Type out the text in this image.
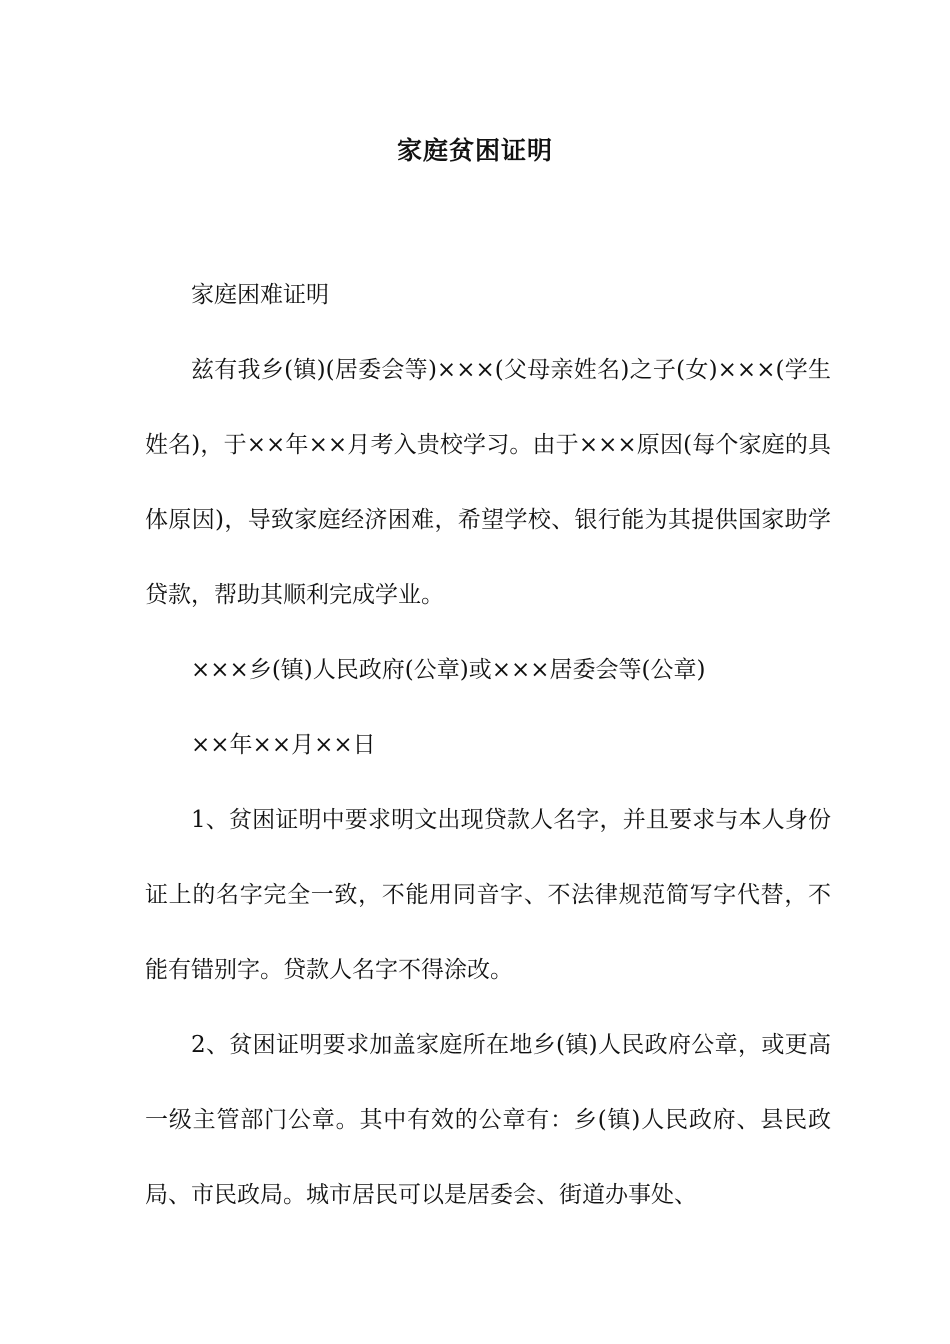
家庭贫困证明

家庭困难证明

兹有我乡(镇)(居委会等)×××(父母亲姓名)之子(女)×××(学生姓名)，于××年××月考入贵校学习。由于×××原因(每个家庭的具体原因)，导致家庭经济困难，希望学校、银行能为其提供国家助学贷款，帮助其顺利完成学业。

×××乡(镇)人民政府(公章)或×××居委会等(公章)

××年××月××日

1、贫困证明中要求明文出现贷款人名字，并且要求与本人身份证上的名字完全一致，不能用同音字、不法律规范简写字代替，不能有错别字。贷款人名字不得涂改。

2、贫困证明要求加盖家庭所在地乡(镇)人民政府公章，或更高一级主管部门公章。其中有效的公章有：乡(镇)人民政府、县民政局、市民政局。城市居民可以是居委会、街道办事处、
